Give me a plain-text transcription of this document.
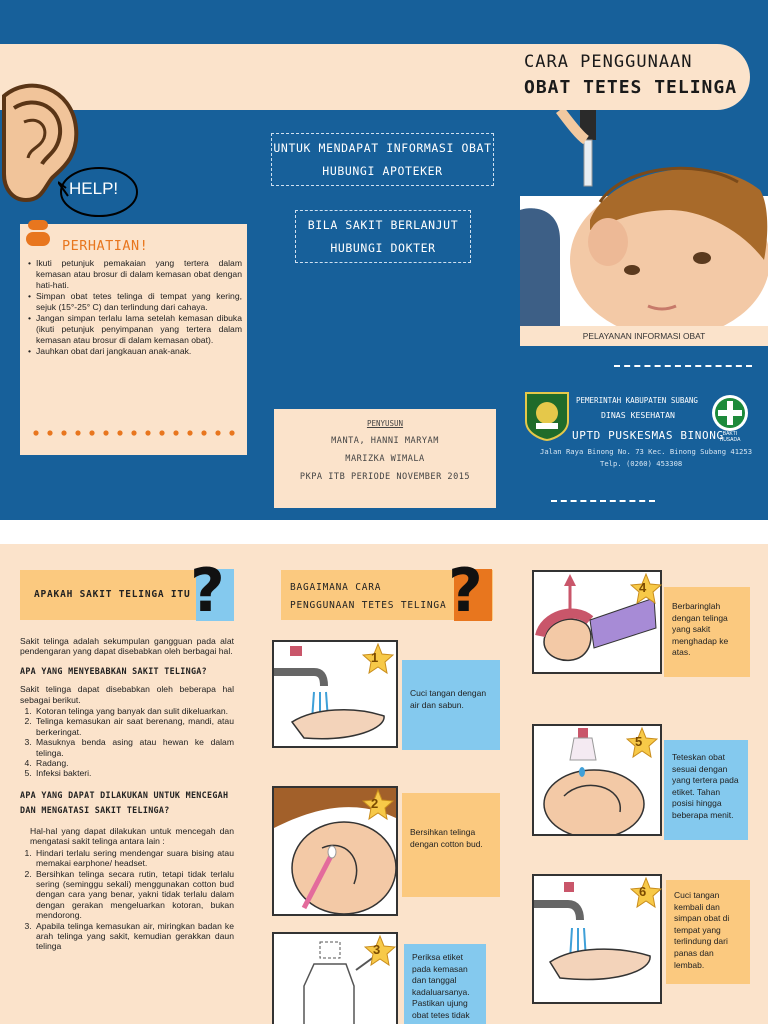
CARA PENGGUNAAN
OBAT TETES TELINGA
HELP!
UNTUK MENDAPAT INFORMASI OBAT
HUBUNGI APOTEKER
BILA SAKIT BERLANJUT
HUBUNGI DOKTER
PERHATIAN!
• Ikuti petunjuk pemakaian yang tertera dalam kemasan atau brosur di dalam kemasan obat dengan hati-hati.
• Simpan obat tetes telinga di tempat yang kering, sejuk (15°-25° C) dan terlindung dari cahaya.
• Jangan simpan terlalu lama setelah kemasan dibuka (ikuti petunjuk penyimpanan yang tertera dalam kemasan atau brosur di dalam kemasan obat).
• Jauhkan obat dari jangkauan anak-anak.
PENYUSUN
MANTA, HANNI MARYAM
MARIZKA WIMALA
PKPA ITB PERIODE NOVEMBER 2015
PELAYANAN INFORMASI OBAT
BAKTI HUSADA
PEMERINTAH KABUPATEN SUBANG
DINAS KESEHATAN
UPTD PUSKESMAS BINONG
Jalan Raya Binong No. 73 Kec. Binong Subang 41253
Telp. (0260) 453308
APAKAH SAKIT TELINGA ITU ?	BAGAIMANA CARA
PENGGUNAAN TETES TELINGA ?

Sakit telinga adalah sekumpulan gangguan pada alat pendengaran yang dapat disebabkan oleh berbagai hal.

APA YANG MENYEBABKAN SAKIT TELINGA?

Sakit telinga dapat disebabkan oleh beberapa hal sebagai berikut.

1. Kotoran telinga yang banyak dan sulit dikeluarkan.
2. Telinga kemasukan air saat berenang, mandi, atau berkeringat.
3. Masuknya benda asing atau hewan ke dalam telinga.
4. Radang.
5. Infeksi bakteri.
APA YANG DAPAT DILAKUKAN UNTUK MENCEGAH DAN MENGATASI SAKIT TELINGA?

Hal-hal yang dapat dilakukan untuk mencegah dan mengatasi sakit telinga antara lain :

1. Hindari terlalu sering mendengar suara bising atau memakai earphone/ headset.
2. Bersihkan telinga secara rutin, tetapi tidak terlalu sering (seminggu sekali) menggunakan cotton bud dengan cara yang benar, yakni tidak terlalu dalam dengan gerakan mengeluarkan kotoran, bukan mendorong.
3. Apabila telinga kemasukan air, miringkan badan ke arah telinga yang sakit, kemudian gerakkan daun telinga
1
Cuci tangan dengan air dan sabun.
2
Bersihkan telinga dengan cotton bud.
3	Periksa etiket pada kemasan dan tanggal kadaluarsanya. Pastikan ujung obat tetes tidak
4
Berbaringlah dengan telinga yang sakit menghadap ke atas.
5
Teteskan obat sesuai dengan yang tertera pada etiket. Tahan posisi hingga beberapa menit.
6	Cuci tangan kembali dan simpan obat di tempat yang terlindung dari panas dan lembab.
